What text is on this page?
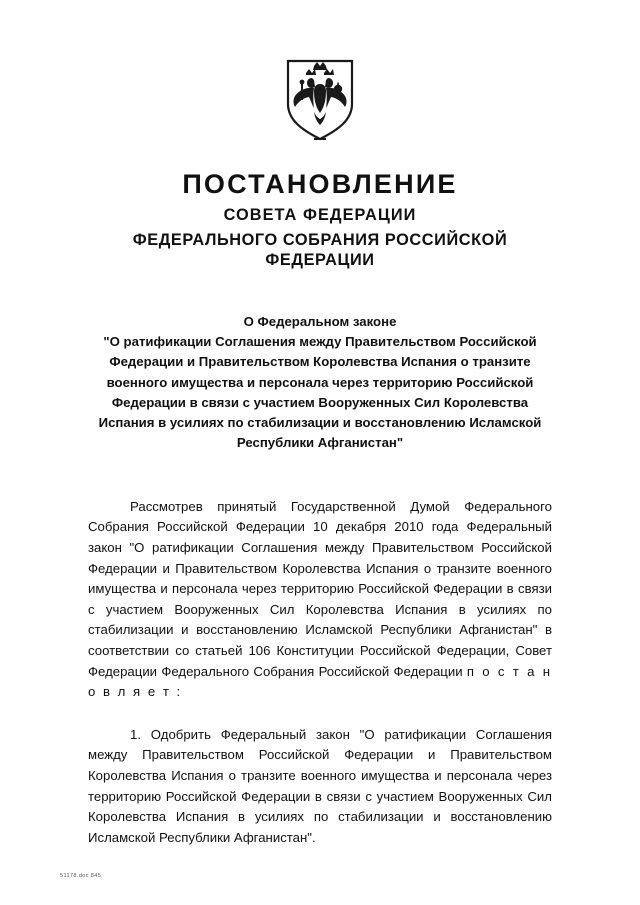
ПОСТАНОВЛЕНИЕ
СОВЕТА ФЕДЕРАЦИИ
ФЕДЕРАЛЬНОГО СОБРАНИЯ РОССИЙСКОЙ ФЕДЕРАЦИИ
О Федеральном законе
"О ратификации Соглашения между Правительством Российской Федерации и Правительством Королевства Испания о транзите военного имущества и персонала через территорию Российской Федерации в связи с участием Вооруженных Сил Королевства Испания в усилиях по стабилизации и восстановлению Исламской Республики Афганистан"

Рассмотрев принятый Государственной Думой Федерального Собрания Российской Федерации 10 декабря 2010 года Федеральный закон "О ратификации Соглашения между Правительством Российской Федерации и Правительством Королевства Испания о транзите военного имущества и персонала через территорию Российской Федерации в связи с участием Вооруженных Сил Королевства Испания в усилиях по стабилизации и восстановлению Исламской Республики Афганистан" в соответствии со статьей 106 Конституции Российской Федерации, Совет Федерации Федерального Собрания Российской Федерации п о с т а н о в л я е т :

1. Одобрить Федеральный закон "О ратификации Соглашения между Правительством Российской Федерации и Правительством Королевства Испания о транзите военного имущества и персонала через территорию Российской Федерации в связи с участием Вооруженных Сил Королевства Испания в усилиях по стабилизации и восстановлению Исламской Республики Афганистан".

51178.doc 845
